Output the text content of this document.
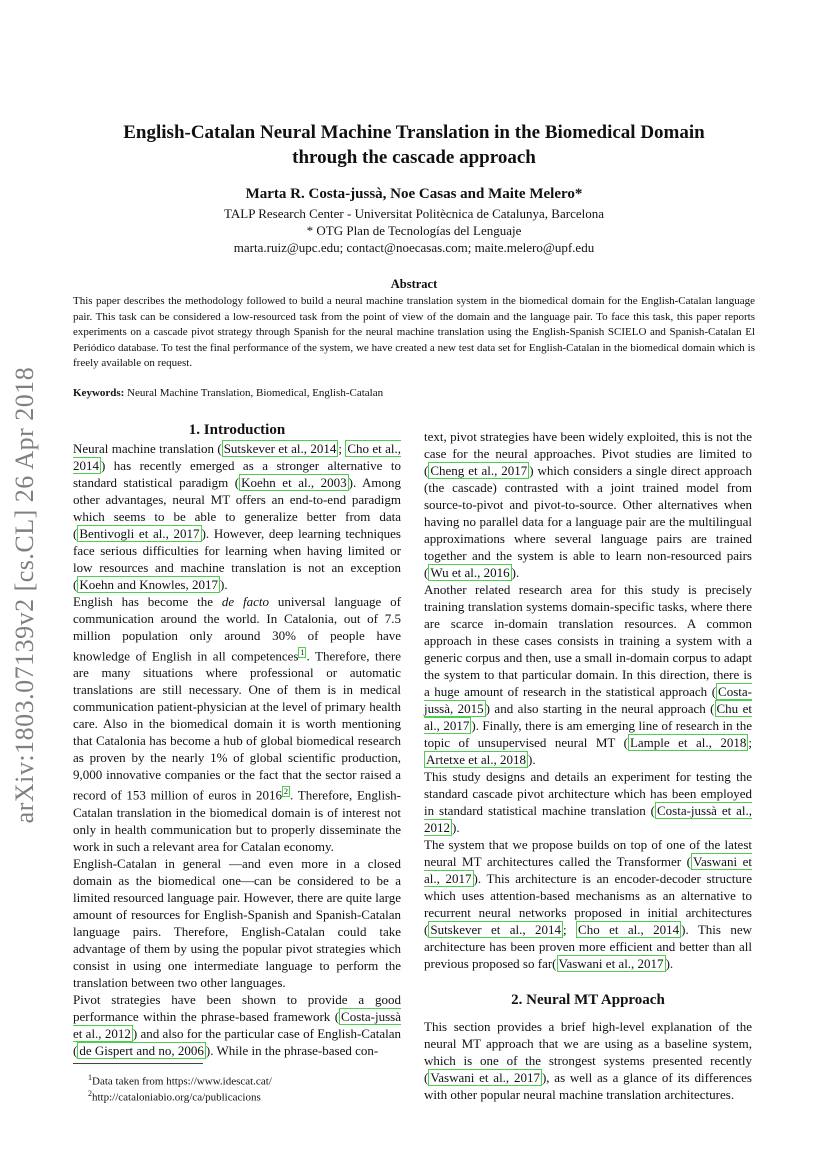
arXiv:1803.07139v2 [cs.CL] 26 Apr 2018
English-Catalan Neural Machine Translation in the Biomedical Domain
through the cascade approach
Marta R. Costa-jussà, Noe Casas and Maite Melero*
TALP Research Center - Universitat Politècnica de Catalunya, Barcelona
* OTG Plan de Tecnologías del Lenguaje
marta.ruiz@upc.edu; contact@noecasas.com; maite.melero@upf.edu
Abstract
This paper describes the methodology followed to build a neural machine translation system in the biomedical domain for the English-Catalan language pair. This task can be considered a low-resourced task from the point of view of the domain and the language pair. To face this task, this paper reports experiments on a cascade pivot strategy through Spanish for the neural machine translation using the English-Spanish SCIELO and Spanish-Catalan El Periódico database. To test the final performance of the system, we have created a new test data set for English-Catalan in the biomedical domain which is freely available on request.
Keywords: Neural Machine Translation, Biomedical, English-Catalan
1. Introduction

Neural machine translation ( Sutskever et al., 2014 ; Cho et al., 2014 ) has recently emerged as a stronger alternative to standard statistical paradigm ( Koehn et al., 2003 ). Among other advantages, neural MT offers an end-to-end paradigm which seems to be able to generalize better from data ( Bentivogli et al., 2017 ). However, deep learning techniques face serious difficulties for learning when having limited or low resources and machine translation is not an exception ( Koehn and Knowles, 2017 ).

English has become the de facto universal language of communication around the world. In Catalonia, out of 7.5 million population only around 30% of people have knowledge of English in all competences $^1$ . Therefore, there are many situations where professional or automatic translations are still necessary. One of them is in medical communication patient-physician at the level of primary health care. Also in the biomedical domain it is worth mentioning that Catalonia has become a hub of global biomedical research as proven by the nearly 1% of global scientific production, 9,000 innovative companies or the fact that the sector raised a record of 153 million of euros in 2016 $^2$ . Therefore, English-Catalan translation in the biomedical domain is of interest not only in health communication but to properly disseminate the work in such a relevant area for Catalan economy.

English-Catalan in general —and even more in a closed domain as the biomedical one—can be considered to be a limited resourced language pair. However, there are quite large amount of resources for English-Spanish and Spanish-Catalan language pairs. Therefore, English-Catalan could take advantage of them by using the popular pivot strategies which consist in using one intermediate language to perform the translation between two other languages.

Pivot strategies have been shown to provide a good performance within the phrase-based framework ( Costa-jussà et al., 2012 ) and also for the particular case of English-Catalan ( de Gispert and no, 2006 ). While in the phrase-based con-

text, pivot strategies have been widely exploited, this is not the case for the neural approaches. Pivot studies are limited to ( Cheng et al., 2017 ) which considers a single direct approach (the cascade) contrasted with a joint trained model from source-to-pivot and pivot-to-source. Other alternatives when having no parallel data for a language pair are the multilingual approximations where several language pairs are trained together and the system is able to learn non-resourced pairs ( Wu et al., 2016 ).

Another related research area for this study is precisely training translation systems domain-specific tasks, where there are scarce in-domain translation resources. A common approach in these cases consists in training a system with a generic corpus and then, use a small in-domain corpus to adapt the system to that particular domain. In this direction, there is a huge amount of research in the statistical approach ( Costa-jussà, 2015 ) and also starting in the neural approach ( Chu et al., 2017 ). Finally, there is am emerging line of research in the topic of unsupervised neural MT ( Lample et al., 2018 ; Artetxe et al., 2018 ).

This study designs and details an experiment for testing the standard cascade pivot architecture which has been employed in standard statistical machine translation ( Costa-jussà et al., 2012 ).

The system that we propose builds on top of one of the latest neural MT architectures called the Transformer ( Vaswani et al., 2017 ). This architecture is an encoder-decoder structure which uses attention-based mechanisms as an alternative to recurrent neural networks proposed in initial architectures ( Sutskever et al., 2014 ; Cho et al., 2014 ). This new architecture has been proven more efficient and better than all previous proposed so far( Vaswani et al., 2017 ).

2. Neural MT Approach

This section provides a brief high-level explanation of the neural MT approach that we are using as a baseline system, which is one of the strongest systems presented recently ( Vaswani et al., 2017 ), as well as a glance of its differences with other popular neural machine translation architectures.

$^1$Data taken from https://www.idescat.cat/
$^2$http://cataloniabio.org/ca/publicacions
